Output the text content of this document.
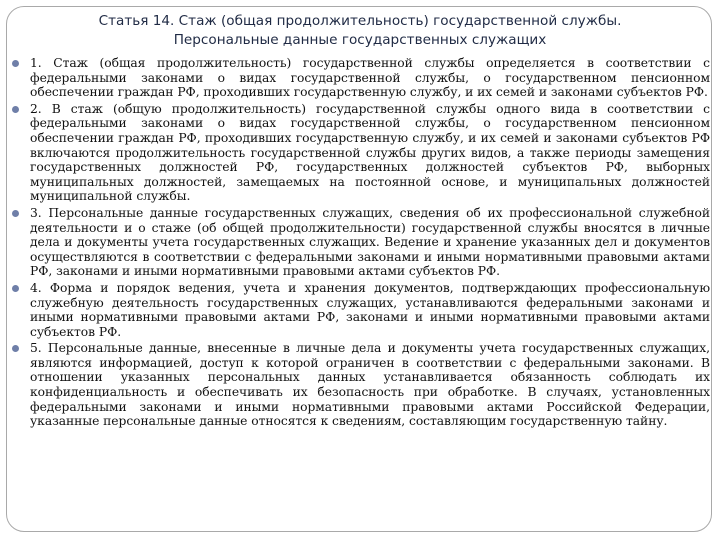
Статья 14. Стаж (общая продолжительность) государственной службы.
Персональные данные государственных служащих
1. Стаж (общая продолжительность) государственной службы определяется в соответствии с федеральными законами о видах государственной службы, о государственном пенсионном обеспечении граждан РФ, проходивших государственную службу, и их семей и законами субъектов РФ.
2. В стаж (общую продолжительность) государственной службы одного вида в соответствии с федеральными законами о видах государственной службы, о государственном пенсионном обеспечении граждан РФ, проходивших государственную службу, и их семей и законами субъектов РФ включаются продолжительность государственной службы других видов, а также периоды замещения государственных должностей РФ, государственных должностей субъектов РФ, выборных муниципальных должностей, замещаемых на постоянной основе, и муниципальных должностей муниципальной службы.
3. Персональные данные государственных служащих, сведения об их профессиональной служебной деятельности и о стаже (об общей продолжительности) государственной службы вносятся в личные дела и документы учета государственных служащих. Ведение и хранение указанных дел и документов осуществляются в соответствии с федеральными законами и иными нормативными правовыми актами РФ, законами и иными нормативными правовыми актами субъектов РФ.
4. Форма и порядок ведения, учета и хранения документов, подтверждающих профессиональную служебную деятельность государственных служащих, устанавливаются федеральными законами и иными нормативными правовыми актами РФ, законами и иными нормативными правовыми актами субъектов РФ.
5. Персональные данные, внесенные в личные дела и документы учета государственных служащих, являются информацией, доступ к которой ограничен в соответствии с федеральными законами. В отношении указанных персональных данных устанавливается обязанность соблюдать их конфиденциальность и обеспечивать их безопасность при обработке. В случаях, установленных федеральными законами и иными нормативными правовыми актами Российской Федерации, указанные персональные данные относятся к сведениям, составляющим государственную тайну.
